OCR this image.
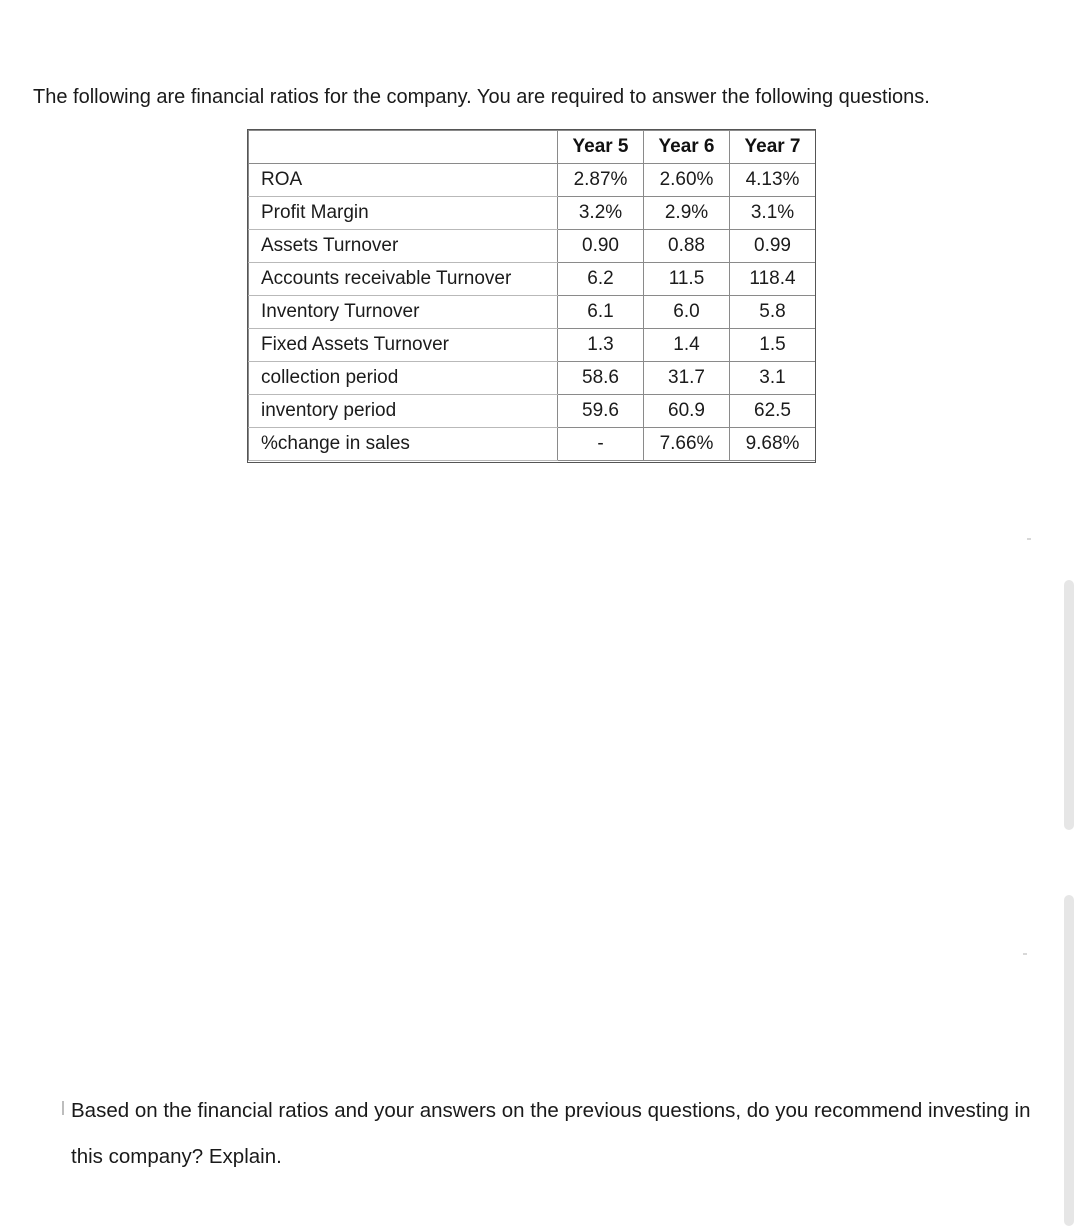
The following are financial ratios for the company. You are required to answer the following questions.
	Year 5	Year 6	Year 7
ROA	2.87%	2.60%	4.13%
Profit Margin	3.2%	2.9%	3.1%
Assets Turnover	0.90	0.88	0.99
Accounts receivable Turnover	6.2	11.5	118.4
Inventory Turnover	6.1	6.0	5.8
Fixed Assets Turnover	1.3	1.4	1.5
collection period	58.6	31.7	3.1
inventory period	59.6	60.9	62.5
%change in sales	-	7.66%	9.68%
Based on the financial ratios and your answers on the previous questions, do you recommend investing in this company? Explain.
